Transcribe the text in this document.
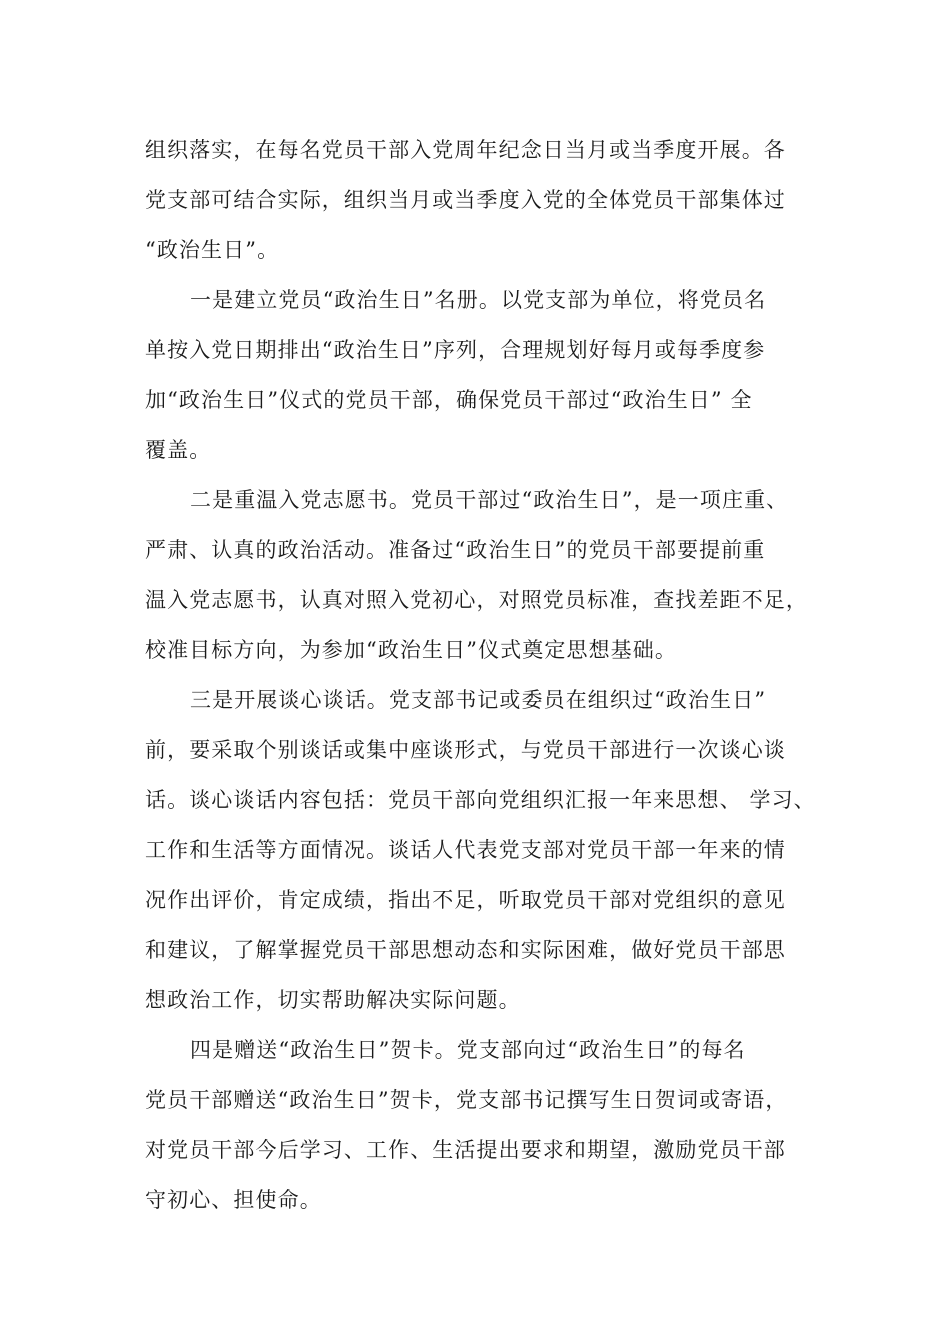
组织落实，在每名党员干部入党周年纪念日当月或当季度开展。各

党支部可结合实际，组织当月或当季度入党的全体党员干部集体过

“政治生日”。

一是建立党员“政治生日”名册。以党支部为单位，将党员名

单按入党日期排出“政治生日”序列，合理规划好每月或每季度参

加“政治生日”仪式的党员干部，确保党员干部过“政治生日” 全

覆盖。

二是重温入党志愿书。党员干部过“政治生日”，是一项庄重、

严肃、认真的政治活动。准备过“政治生日”的党员干部要提前重

温入党志愿书，认真对照入党初心，对照党员标准，查找差距不足，

校准目标方向，为参加“政治生日”仪式奠定思想基础。

三是开展谈心谈话。党支部书记或委员在组织过“政治生日”

前，要采取个别谈话或集中座谈形式，与党员干部进行一次谈心谈

话。谈心谈话内容包括：党员干部向党组织汇报一年来思想、 学习、

工作和生活等方面情况。谈话人代表党支部对党员干部一年来的情

况作出评价，肯定成绩，指出不足，听取党员干部对党组织的意见

和建议，了解掌握党员干部思想动态和实际困难，做好党员干部思

想政治工作，切实帮助解决实际问题。

四是赠送“政治生日”贺卡。党支部向过“政治生日”的每名

党员干部赠送“政治生日”贺卡，党支部书记撰写生日贺词或寄语，

对党员干部今后学习、工作、生活提出要求和期望，激励党员干部

守初心、担使命。
